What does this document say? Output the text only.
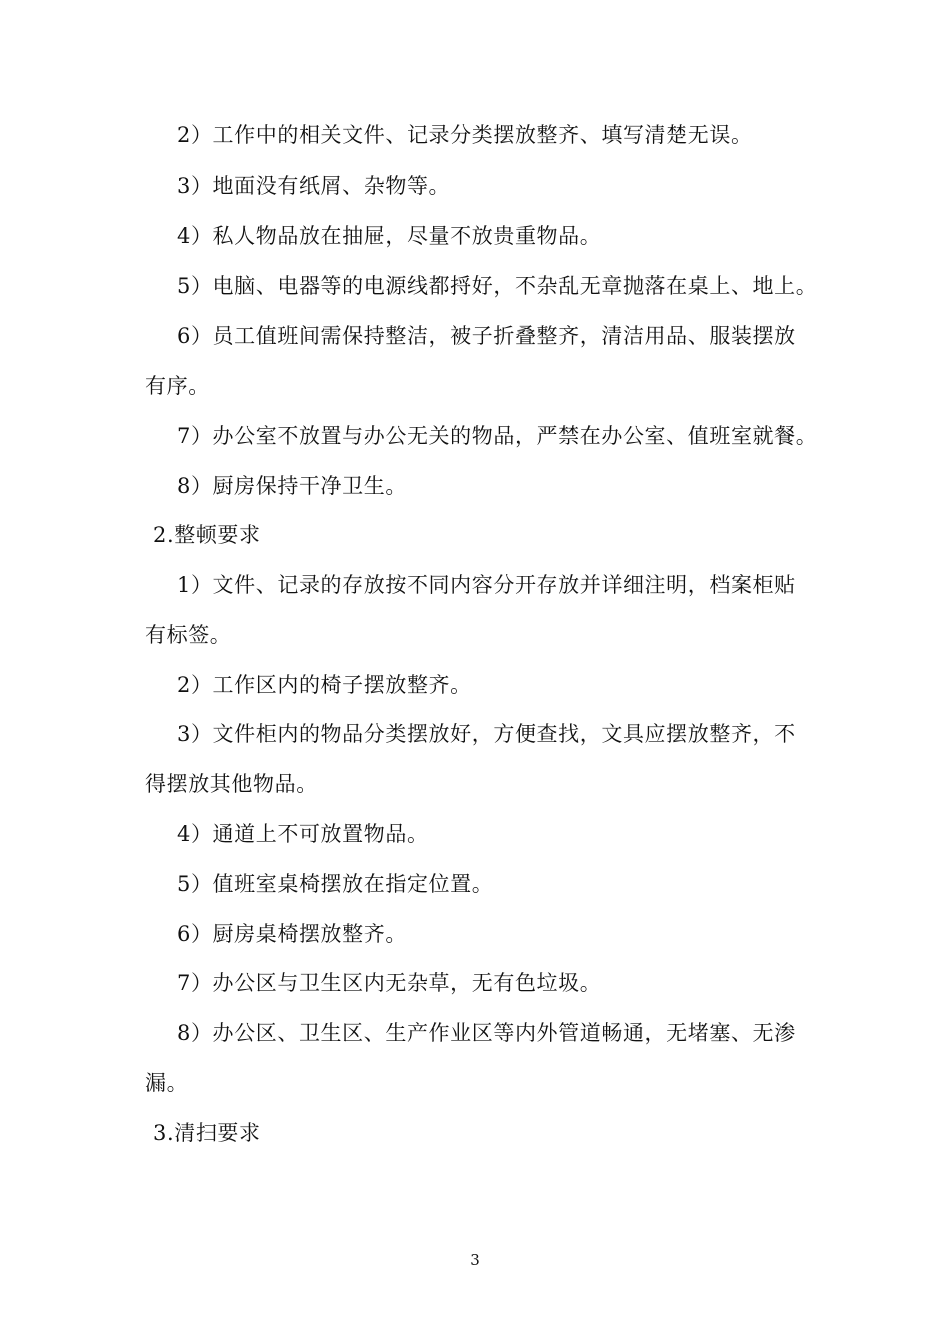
2）工作中的相关文件、记录分类摆放整齐、填写清楚无误。
3）地面没有纸屑、杂物等。
4）私人物品放在抽屉，尽量不放贵重物品。
5）电脑、电器等的电源线都捋好，不杂乱无章抛落在桌上、地上。
6）员工值班间需保持整洁，被子折叠整齐，清洁用品、服装摆放
有序。
7）办公室不放置与办公无关的物品，严禁在办公室、值班室就餐。
8）厨房保持干净卫生。
2.整顿要求
1）文件、记录的存放按不同内容分开存放并详细注明，档案柜贴
有标签。
2）工作区内的椅子摆放整齐。
3）文件柜内的物品分类摆放好，方便查找，文具应摆放整齐，不
得摆放其他物品。
4）通道上不可放置物品。
5）值班室桌椅摆放在指定位置。
6）厨房桌椅摆放整齐。
7）办公区与卫生区内无杂草，无有色垃圾。
8）办公区、卫生区、生产作业区等内外管道畅通，无堵塞、无渗
漏。
3.清扫要求
3
